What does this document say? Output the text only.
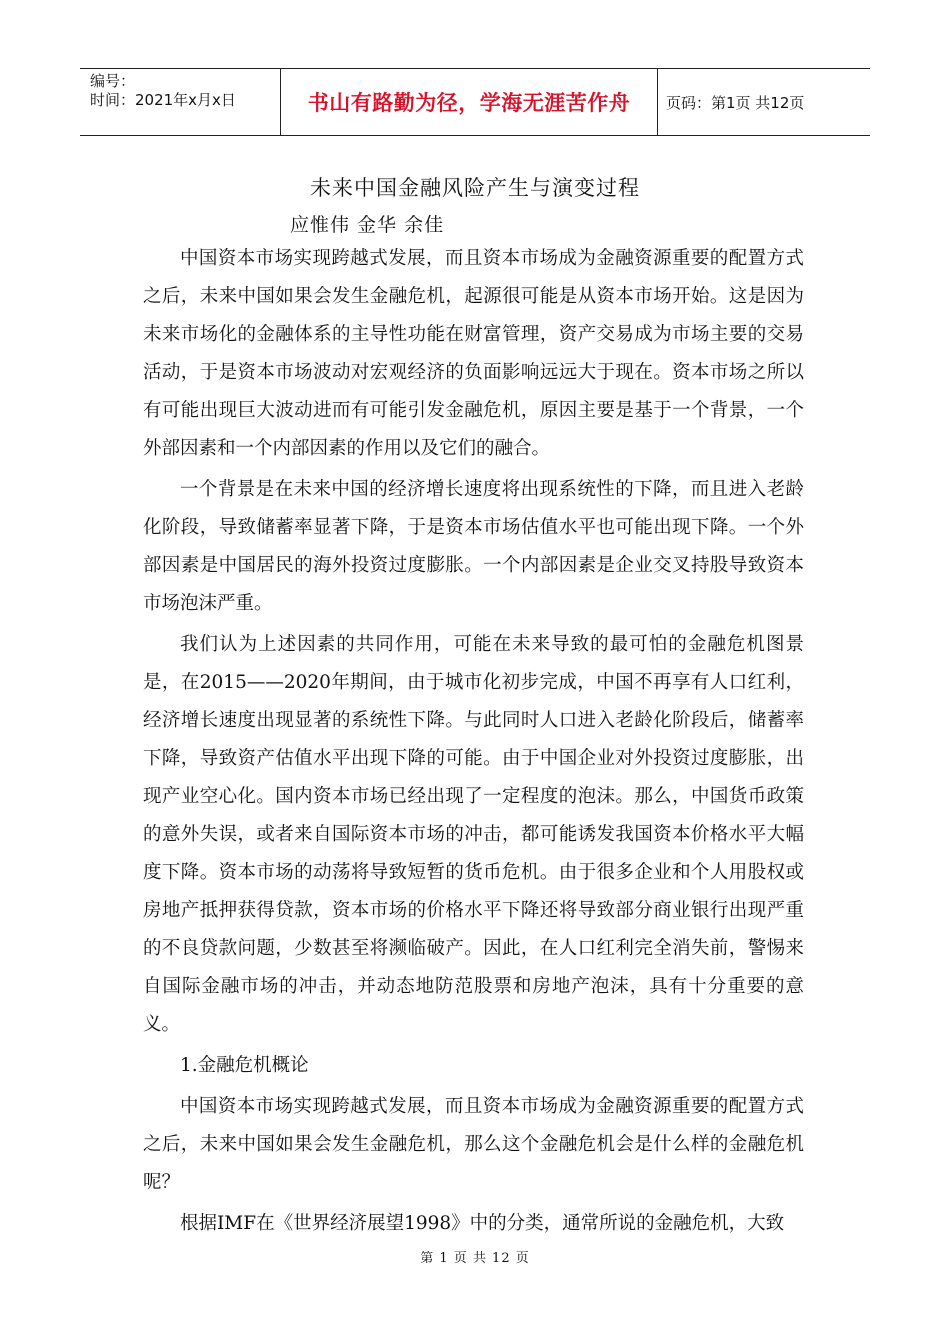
编号：
时间：2021年x月x日	书山有路勤为径，学海无涯苦作舟 页码：第1页 共12页
未来中国金融风险产生与演变过程
应惟伟 金华 余佳

中国资本市场实现跨越式发展，而且资本市场成为金融资源重要的配置方式之后，未来中国如果会发生金融危机，起源很可能是从资本市场开始。这是因为未来市场化的金融体系的主导性功能在财富管理，资产交易成为市场主要的交易活动，于是资本市场波动对宏观经济的负面影响远远大于现在。资本市场之所以有可能出现巨大波动进而有可能引发金融危机，原因主要是基于一个背景，一个外部因素和一个内部因素的作用以及它们的融合。

一个背景是在未来中国的经济增长速度将出现系统性的下降，而且进入老龄化阶段，导致储蓄率显著下降，于是资本市场估值水平也可能出现下降。一个外部因素是中国居民的海外投资过度膨胀。一个内部因素是企业交叉持股导致资本市场泡沫严重。

我们认为上述因素的共同作用，可能在未来导致的最可怕的金融危机图景是，在2015——2020年期间，由于城市化初步完成，中国不再享有人口红利，经济增长速度出现显著的系统性下降。与此同时人口进入老龄化阶段后，储蓄率下降，导致资产估值水平出现下降的可能。由于中国企业对外投资过度膨胀，出现产业空心化。国内资本市场已经出现了一定程度的泡沫。那么，中国货币政策的意外失误，或者来自国际资本市场的冲击，都可能诱发我国资本价格水平大幅度下降。资本市场的动荡将导致短暂的货币危机。由于很多企业和个人用股权或房地产抵押获得贷款，资本市场的价格水平下降还将导致部分商业银行出现严重的不良贷款问题，少数甚至将濒临破产。因此，在人口红利完全消失前，警惕来自国际金融市场的冲击，并动态地防范股票和房地产泡沫，具有十分重要的意义。

1.金融危机概论

中国资本市场实现跨越式发展，而且资本市场成为金融资源重要的配置方式之后，未来中国如果会发生金融危机，那么这个金融危机会是什么样的金融危机呢？

根据IMF在《世界经济展望1998》中的分类，通常所说的金融危机，大致

第 1 页 共 12 页
